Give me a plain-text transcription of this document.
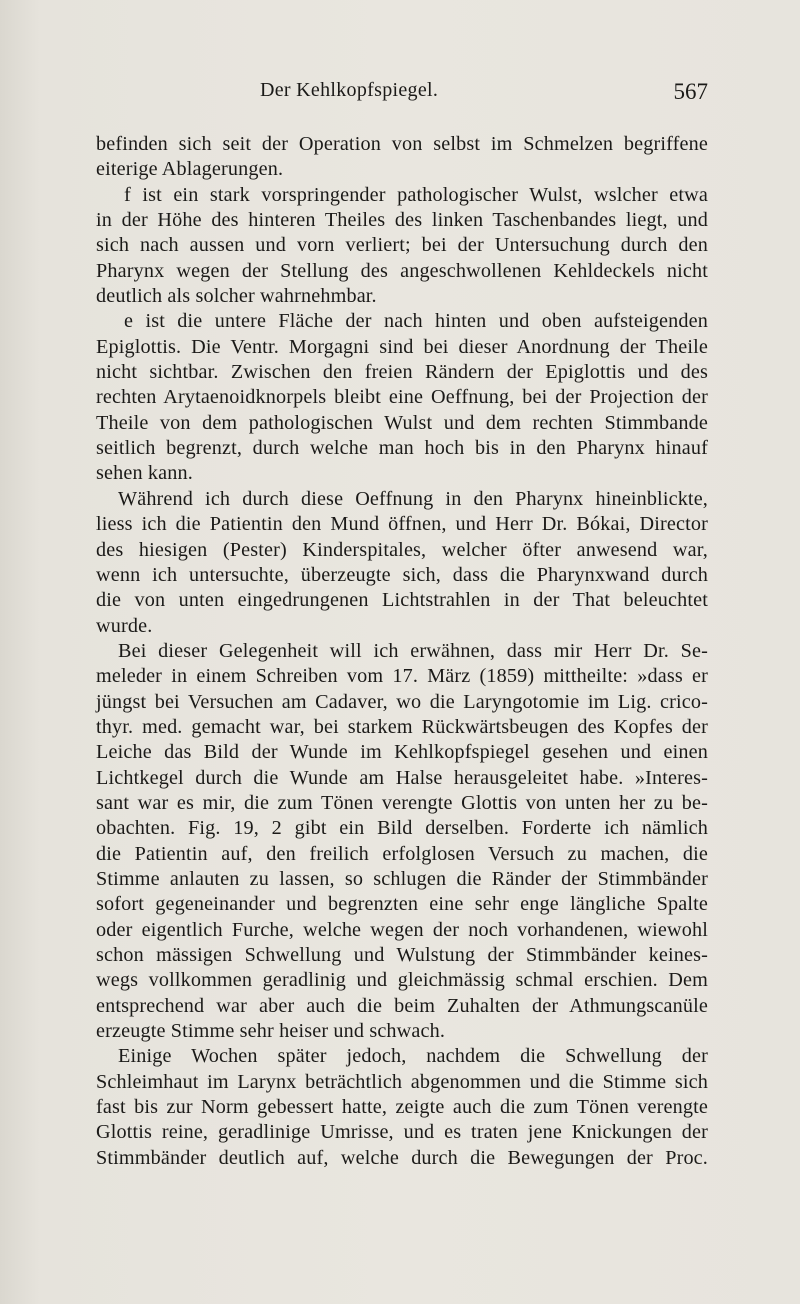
Der Kehlkopfspiegel.	567
befinden sich seit der Operation von selbst im Schmelzen begriffene
eiterige Ablagerungen.
f ist ein stark vorspringender pathologischer Wulst, wslcher etwa
in der Höhe des hinteren Theiles des linken Taschenbandes liegt, und
sich nach aussen und vorn verliert; bei der Untersuchung durch den
Pharynx wegen der Stellung des angeschwollenen Kehldeckels nicht
deutlich als solcher wahrnehmbar.
e ist die untere Fläche der nach hinten und oben aufsteigenden
Epiglottis. Die Ventr. Morgagni sind bei dieser Anordnung der Theile
nicht sichtbar. Zwischen den freien Rändern der Epiglottis und des
rechten Arytaenoidknorpels bleibt eine Oeffnung, bei der Projection der
Theile von dem pathologischen Wulst und dem rechten Stimmbande
seitlich begrenzt, durch welche man hoch bis in den Pharynx hinauf
sehen kann.
Während ich durch diese Oeffnung in den Pharynx hineinblickte,
liess ich die Patientin den Mund öffnen, und Herr Dr. Bókai, Director
des hiesigen (Pester) Kinderspitales, welcher öfter anwesend war,
wenn ich untersuchte, überzeugte sich, dass die Pharynxwand durch
die von unten eingedrungenen Lichtstrahlen in der That beleuchtet
wurde.
Bei dieser Gelegenheit will ich erwähnen, dass mir Herr Dr. Se-
meleder in einem Schreiben vom 17. März (1859) mittheilte: »dass er
jüngst bei Versuchen am Cadaver, wo die Laryngotomie im Lig. crico-
thyr. med. gemacht war, bei starkem Rückwärtsbeugen des Kopfes der
Leiche das Bild der Wunde im Kehlkopfspiegel gesehen und einen
Lichtkegel durch die Wunde am Halse herausgeleitet habe. »Interes-
sant war es mir, die zum Tönen verengte Glottis von unten her zu be-
obachten. Fig. 19, 2 gibt ein Bild derselben. Forderte ich nämlich
die Patientin auf, den freilich erfolglosen Versuch zu machen, die
Stimme anlauten zu lassen, so schlugen die Ränder der Stimmbänder
sofort gegeneinander und begrenzten eine sehr enge längliche Spalte
oder eigentlich Furche, welche wegen der noch vorhandenen, wiewohl
schon mässigen Schwellung und Wulstung der Stimmbänder keines-
wegs vollkommen geradlinig und gleichmässig schmal erschien. Dem
entsprechend war aber auch die beim Zuhalten der Athmungscanüle
erzeugte Stimme sehr heiser und schwach.
Einige Wochen später jedoch, nachdem die Schwellung der
Schleimhaut im Larynx beträchtlich abgenommen und die Stimme sich
fast bis zur Norm gebessert hatte, zeigte auch die zum Tönen verengte
Glottis reine, geradlinige Umrisse, und es traten jene Knickungen der
Stimmbänder deutlich auf, welche durch die Bewegungen der Proc.
